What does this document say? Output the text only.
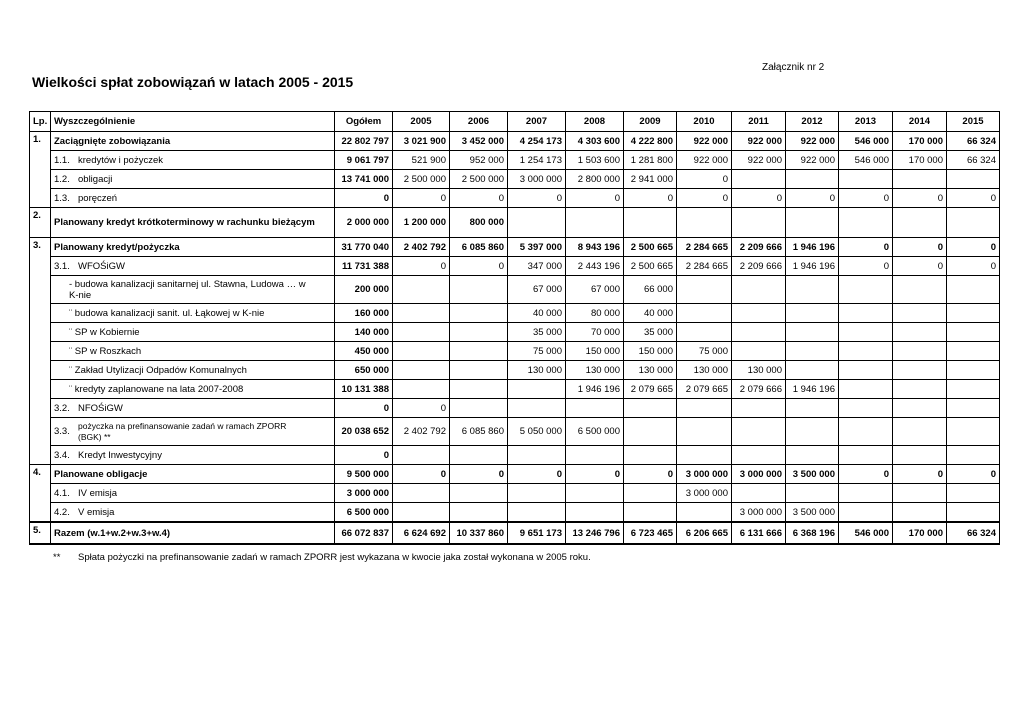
Załącznik nr 2
Wielkości spłat zobowiązań w latach 2005 - 2015
Lp.	Wyszczególnienie	Ogółem	2005	2006	2007	2008	2009	2010	2011	2012	2013	2014	2015
1.	Zaciągnięte zobowiązania	22 802 797	3 021 900	3 452 000	4 254 173	4 303 600	4 222 800	922 000	922 000	922 000	546 000	170 000	66 324
	1.1. kredytów i pożyczek	9 061 797	521 900	952 000	1 254 173	1 503 600	1 281 800	922 000	922 000	922 000	546 000	170 000	66 324
	1.2. obligacji	13 741 000	2 500 000	2 500 000	3 000 000	2 800 000	2 941 000	0					
	1.3. poręczeń	0	0	0	0	0	0	0	0	0	0	0	0
2.	Planowany kredyt krótkoterminowy w rachunku bieżącym	2 000 000	1 200 000	800 000									
3.	Planowany kredyt/pożyczka	31 770 040	2 402 792	6 085 860	5 397 000	8 943 196	2 500 665	2 284 665	2 209 666	1 946 196	0	0	0
	3.1. WFOŚiGW	11 731 388	0	0	347 000	2 443 196	2 500 665	2 284 665	2 209 666	1 946 196	0	0	0
	- budowa kanalizacji sanitarnej ul. Stawna, Ludowa … w K-nie	200 000			67 000	67 000	66 000						
	¨ budowa kanalizacji sanit. ul. Łąkowej w K-nie	160 000			40 000	80 000	40 000						
	¨ SP w Kobiernie	140 000			35 000	70 000	35 000						
	¨ SP w Roszkach	450 000			75 000	150 000	150 000	75 000					
	¨ Zakład Utylizacji Odpadów Komunalnych	650 000			130 000	130 000	130 000	130 000	130 000				
	¨ kredyty zaplanowane na lata 2007-2008	10 131 388				1 946 196	2 079 665	2 079 665	2 079 666	1 946 196			
	3.2. NFOŚiGW	0	0										
	3.3.pożyczka na prefinansowanie zadań w ramach ZPORR (BGK) **	20 038 652	2 402 792	6 085 860	5 050 000	6 500 000							
	3.4. Kredyt Inwestycyjny	0											
4.	Planowane obligacje	9 500 000	0	0	0	0	0	3 000 000	3 000 000	3 500 000	0	0	0
	4.1. IV emisja	3 000 000						3 000 000					
	4.2. V emisja	6 500 000							3 000 000	3 500 000			
5.	Razem (w.1+w.2+w.3+w.4)	66 072 837	6 624 692	10 337 860	9 651 173	13 246 796	6 723 465	6 206 665	6 131 666	6 368 196	546 000	170 000	66 324
** Spłata pożyczki na prefinansowanie zadań w ramach ZPORR jest wykazana w kwocie jaka został wykonana w 2005 roku.
